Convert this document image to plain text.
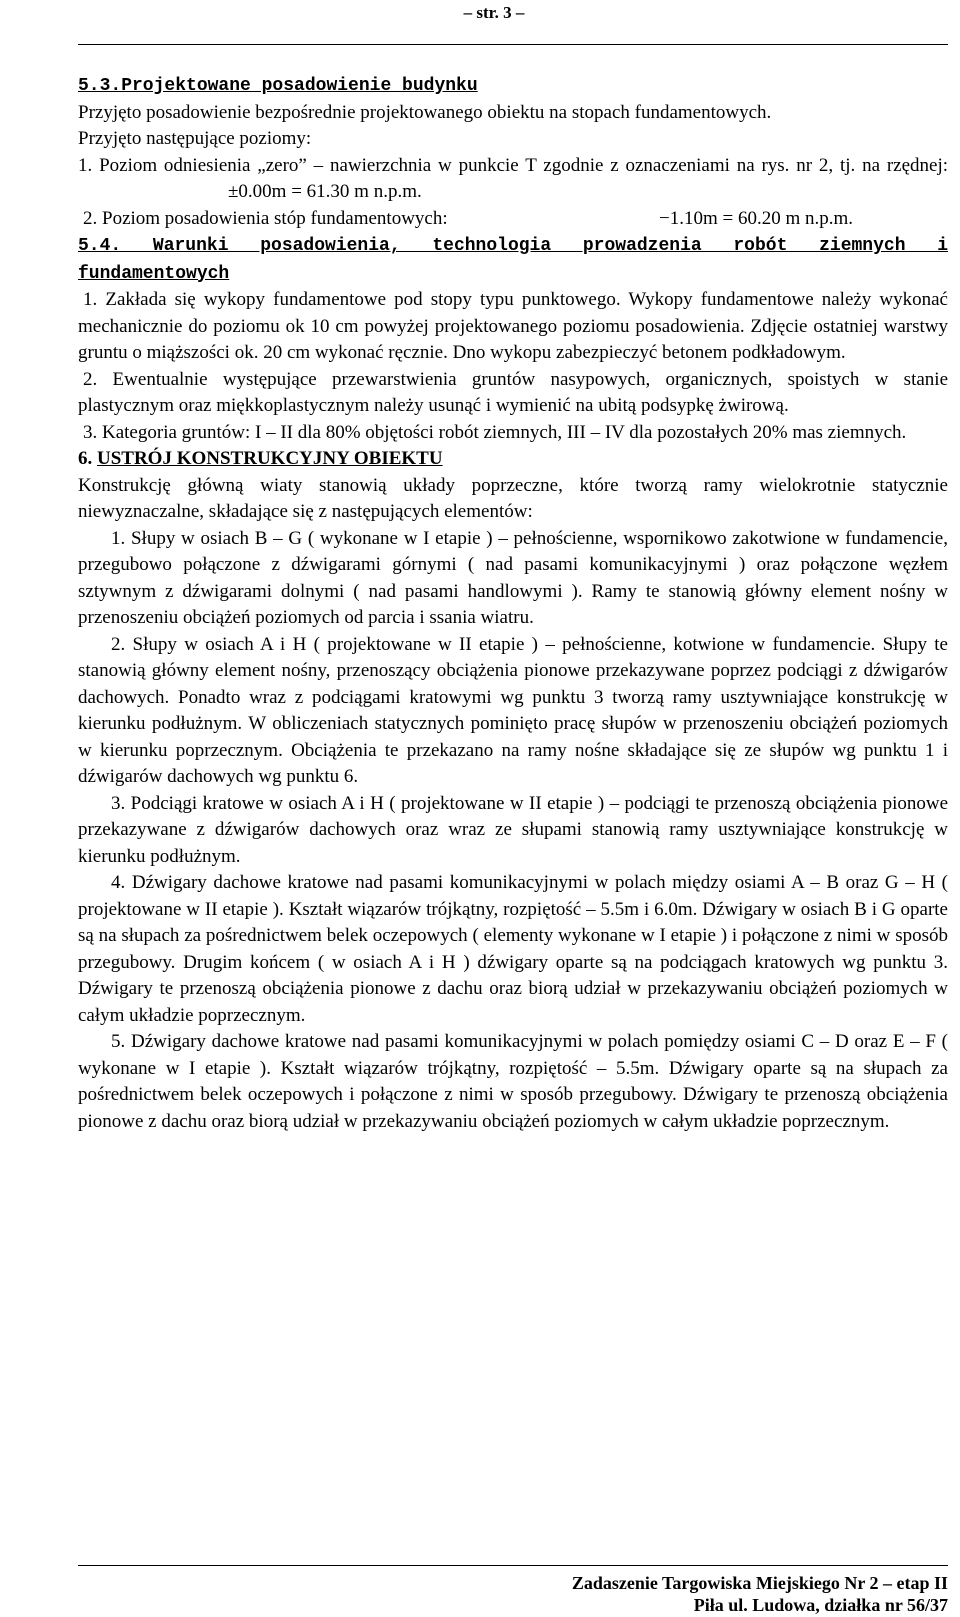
– str. 3 –

5.3.Projektowane posadowienie budynku

Przyjęto posadowienie bezpośrednie projektowanego obiektu na stopach fundamentowych.

Przyjęto następujące poziomy:

1. Poziom odniesienia „zero” – nawierzchnia w punkcie T zgodnie z oznaczeniami na rys. nr 2, tj. na rzędnej:±0.00m = 61.30 m n.p.m.

2. Poziom posadowienia stóp fundamentowych:	−1.10m = 60.20 m n.p.m.

5.4. Warunki posadowienia, technologia prowadzenia robót ziemnych i fundamentowych

1. Zakłada się wykopy fundamentowe pod stopy typu punktowego. Wykopy fundamentowe należy wykonać mechanicznie do poziomu ok 10 cm powyżej projektowanego poziomu posadowienia. Zdjęcie ostatniej warstwy gruntu o miąższości ok. 20 cm wykonać ręcznie. Dno wykopu zabezpieczyć betonem podkładowym.

2. Ewentualnie występujące przewarstwienia gruntów nasypowych, organicznych, spoistych w stanie plastycznym oraz miękkoplastycznym należy usunąć i wymienić na ubitą podsypkę żwirową.

3. Kategoria gruntów: I – II dla 80% objętości robót ziemnych, III – IV dla pozostałych 20% mas ziemnych.

6. USTRÓJ KONSTRUKCYJNY OBIEKTU

Konstrukcję główną wiaty stanowią układy poprzeczne, które tworzą ramy wielokrotnie statycznie niewyznaczalne, składające się z następujących elementów:

1. Słupy w osiach B – G ( wykonane w I etapie ) – pełnościenne, wspornikowo zakotwione w fundamencie, przegubowo połączone z dźwigarami górnymi ( nad pasami komunikacyjnymi ) oraz połączone węzłem sztywnym z dźwigarami dolnymi ( nad pasami handlowymi ). Ramy te stanowią główny element nośny w przenoszeniu obciążeń poziomych od parcia i ssania wiatru.

2. Słupy w osiach A i H ( projektowane w II etapie ) – pełnościenne, kotwione w fundamencie. Słupy te stanowią główny element nośny, przenoszący obciążenia pionowe przekazywane poprzez podciągi z dźwigarów dachowych. Ponadto wraz z podciągami kratowymi wg punktu 3 tworzą ramy usztywniające konstrukcję w kierunku podłużnym. W obliczeniach statycznych pominięto pracę słupów w przenoszeniu obciążeń poziomych w kierunku poprzecznym. Obciążenia te przekazano na ramy nośne składające się ze słupów wg punktu 1 i dźwigarów dachowych wg punktu 6.

3. Podciągi kratowe w osiach A i H ( projektowane w II etapie ) – podciągi te przenoszą obciążenia pionowe przekazywane z dźwigarów dachowych oraz wraz ze słupami stanowią ramy usztywniające konstrukcję w kierunku podłużnym.

4. Dźwigary dachowe kratowe nad pasami komunikacyjnymi w polach między osiami A – B oraz G – H ( projektowane w II etapie ). Kształt wiązarów trójkątny, rozpiętość – 5.5m i 6.0m. Dźwigary w osiach B i G oparte są na słupach za pośrednictwem belek oczepowych ( elementy wykonane w I etapie ) i połączone z nimi w sposób przegubowy. Drugim końcem ( w osiach A i H ) dźwigary oparte są na podciągach kratowych wg punktu 3. Dźwigary te przenoszą obciążenia pionowe z dachu oraz biorą udział w przekazywaniu obciążeń poziomych w całym układzie poprzecznym.

5. Dźwigary dachowe kratowe nad pasami komunikacyjnymi w polach pomiędzy osiami C – D oraz E – F ( wykonane w I etapie ). Kształt wiązarów trójkątny, rozpiętość – 5.5m. Dźwigary oparte są na słupach za pośrednictwem belek oczepowych i połączone z nimi w sposób przegubowy. Dźwigary te przenoszą obciążenia pionowe z dachu oraz biorą udział w przekazywaniu obciążeń poziomych w całym układzie poprzecznym.

Zadaszenie Targowiska Miejskiego Nr 2 – etap II
Piła ul. Ludowa, działka nr 56/37
